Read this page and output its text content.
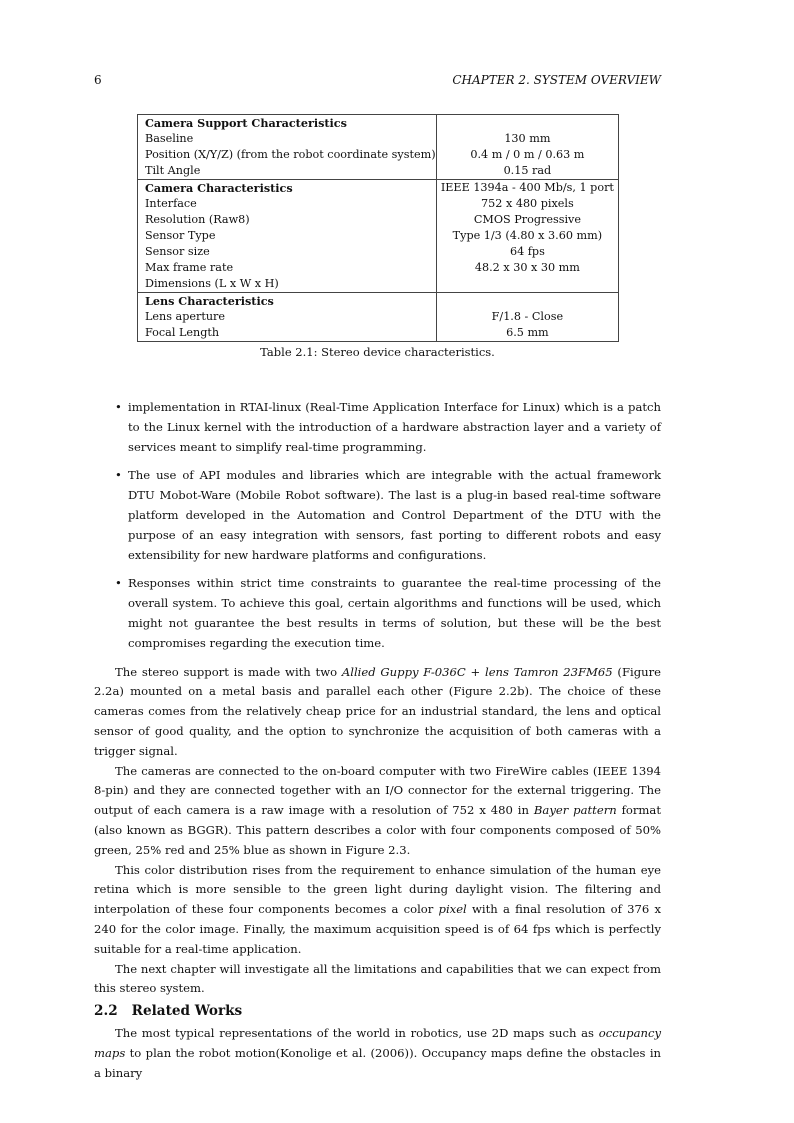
6	CHAPTER 2. SYSTEM OVERVIEW
Camera Support Characteristics	
Baseline	130 mm
Position (X/Y/Z) (from the robot coordinate system)	0.4 m / 0 m / 0.63 m
Tilt Angle	0.15 rad
Camera Characteristics	IEEE 1394a - 400 Mb/s, 1 port
Interface	752 x 480 pixels
Resolution (Raw8)	CMOS Progressive
Sensor Type	Type 1/3 (4.80 x 3.60 mm)
Sensor size	64 fps
Max frame rate	48.2 x 30 x 30 mm
Dimensions (L x W x H)	
Lens Characteristics	
Lens aperture	F/1.8 - Close
Focal Length	6.5 mm
Table 2.1: Stereo device characteristics.
• implementation in RTAI-linux (Real-Time Application Interface for Linux) which is a patch to the Linux kernel with the introduction of a hardware abstraction layer and a variety of services meant to simplify real-time programming.
• The use of API modules and libraries which are integrable with the actual framework DTU Mobot-Ware (Mobile Robot software). The last is a plug-in based real-time software platform developed in the Automation and Control Department of the DTU with the purpose of an easy integration with sensors, fast porting to different robots and easy extensibility for new hardware platforms and configurations.
• Responses within strict time constraints to guarantee the real-time processing of the overall system. To achieve this goal, certain algorithms and functions will be used, which might not guarantee the best results in terms of solution, but these will be the best compromises regarding the execution time.

The stereo support is made with two Allied Guppy F-036C + lens Tamron 23FM65 (Figure 2.2a) mounted on a metal basis and parallel each other (Figure 2.2b). The choice of these cameras comes from the relatively cheap price for an industrial standard, the lens and optical sensor of good quality, and the option to synchronize the acquisition of both cameras with a trigger signal.

The cameras are connected to the on-board computer with two FireWire cables (IEEE 1394 8-pin) and they are connected together with an I/O connector for the external triggering. The output of each camera is a raw image with a resolution of 752 x 480 in Bayer pattern format (also known as BGGR). This pattern describes a color with four components composed of 50% green, 25% red and 25% blue as shown in Figure 2.3.

This color distribution rises from the requirement to enhance simulation of the human eye retina which is more sensible to the green light during daylight vision. The filtering and interpolation of these four components becomes a color pixel with a final resolution of 376 x 240 for the color image. Finally, the maximum acquisition speed is of 64 fps which is perfectly suitable for a real-time application.

The next chapter will investigate all the limitations and capabilities that we can expect from this stereo system.

2.2 Related Works

The most typical representations of the world in robotics, use 2D maps such as occupancy maps to plan the robot motion(Konolige et al. (2006)). Occupancy maps define the obstacles in a binary
